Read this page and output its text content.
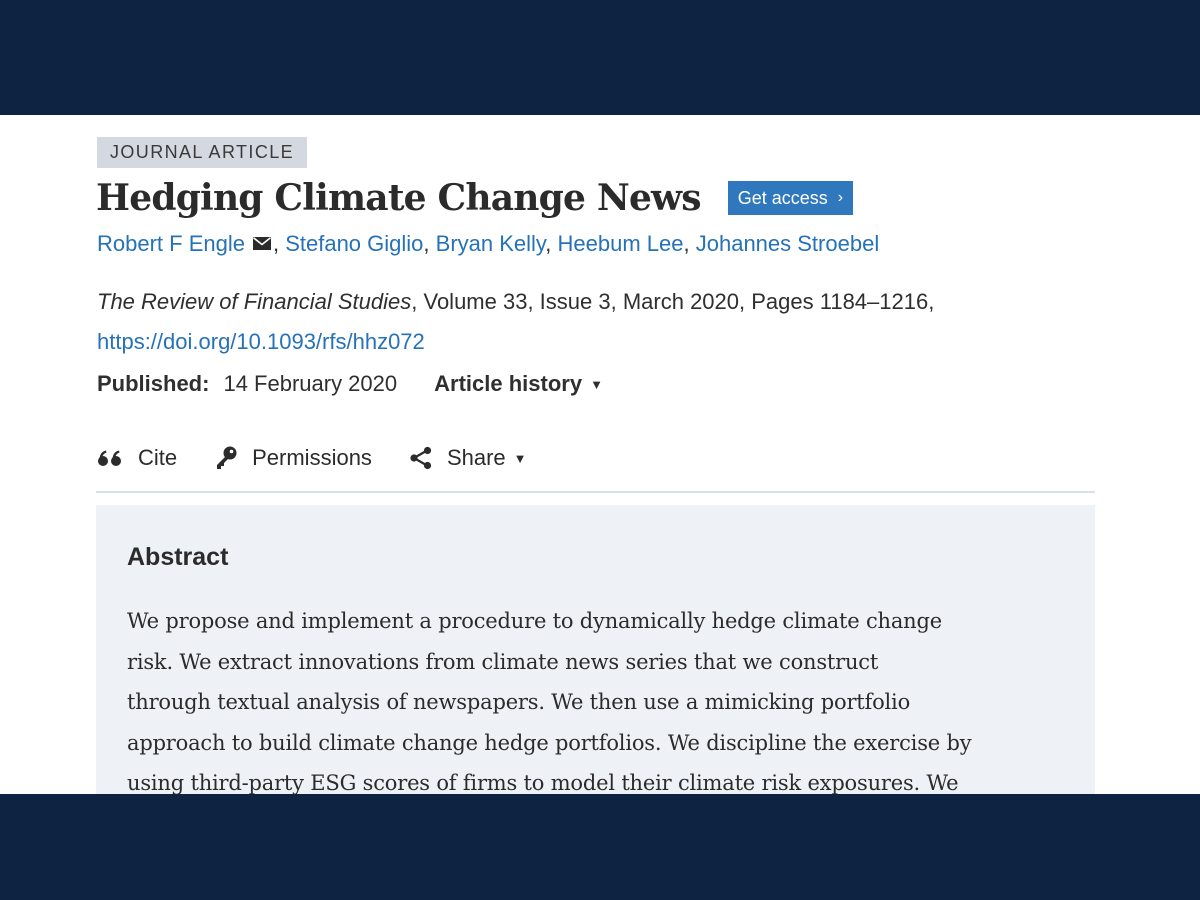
JOURNAL ARTICLE
Hedging Climate Change News Get access ›
Robert F Engle , Stefano Giglio, Bryan Kelly, Heebum Lee, Johannes Stroebel
The Review of Financial Studies, Volume 33, Issue 3, March 2020, Pages 1184–1216,
https://doi.org/10.1093/rfs/hhz072
Published: 14 February 2020 Article history ▼
Cite	Permissions	Share ▼
Abstract

We propose and implement a procedure to dynamically hedge climate change
risk. We extract innovations from climate news series that we construct
through textual analysis of newspapers. We then use a mimicking portfolio
approach to build climate change hedge portfolios. We discipline the exercise by
using third-party ESG scores of firms to model their climate risk exposures. We
